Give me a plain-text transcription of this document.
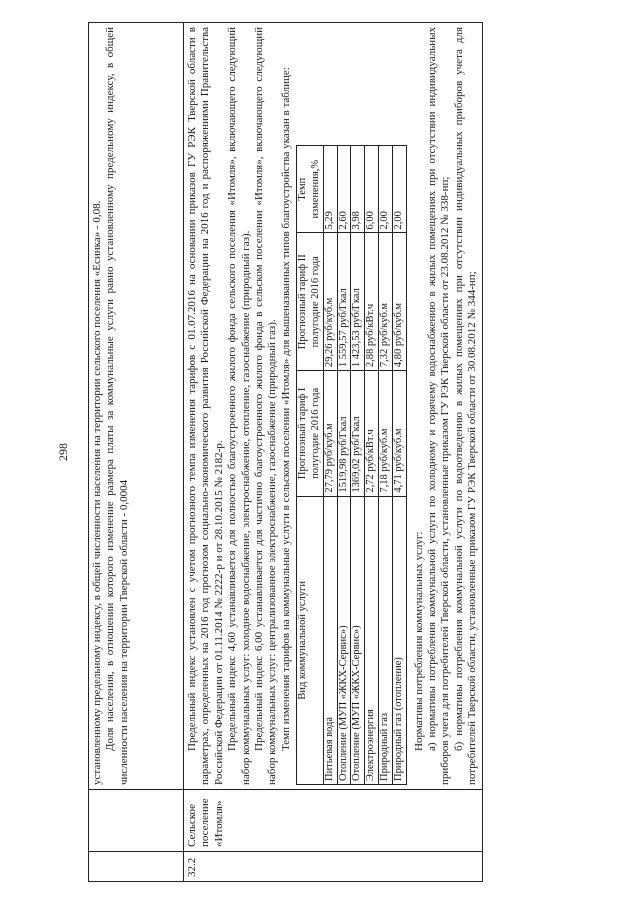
298
		установленному предельному индексу, в общей численности населения на территории сельского поселения «Есинка» - 0,08. Доля населения, в отношении которого изменение размера платы за коммунальные услуги равно установленному предельному индексу, в общей численности населения на территории Тверской области - 0,0004

32.2	Сельское поселение «Итомля»	

Предельный индекс установлен с учетом прогнозного темпа изменения тарифов с 01.07.2016 на основании приказов ГУ РЭК Тверской области в параметрах, определенных на 2016 год прогнозом социально-экономического развития Российской Федерации на 2016 год и распоряжениями Правительства Российской Федерации от 01.11.2014 № 2222-р и от 28.10.2015 № 2182-р. Предельный индекс 4,60 устанавливается для полностью благоустроенного жилого фонда сельского поселения «Итомля», включающего следующий набор коммунальных услуг: холодное водоснабжение, электроснабжение, отопление, газоснабжение (природный газ). Предельный индекс 6,00 устанавливается для частично благоустроенного жилого фонда в сельском поселении «Итомля», включающего следующий набор коммунальных услуг: централизованное электроснабжение, газоснабжение (природный газ). Темп изменения тарифов на коммунальные услуги в сельском поселении «Итомля» для вышеназванных типов благоустройства указан в таблице: Вид коммунальной услуги	Прогнозный тариф I полугодие 2016 года	Прогнозный тариф II полугодие 2016 года	Темп изменения,%
Питьевая вода	27,79 руб/куб.м	29,26 руб/куб.м	5,29
Отопление (МУП «ЖКХ-Сервис»)	1519,98 руб/Гкал	1 559,57 руб/Гкал	2,60
Отопление (МУП «ЖКХ-Сервис»)	1369,02 руб/Гкал	1 423,53 руб/Гкал	3,98
Электроэнергия	2,72 руб/кВт.ч	2,88 руб/кВт.ч	6,00
Природный газ	7,18 руб/куб.м	7,32 руб/куб.м	2,00
Природный газ (отопление)	4,71 руб/куб.м	4,80 руб/куб.м	2,00

Нормативы потребления коммунальных услуг: а) нормативы потребления коммунальной услуги по холодному и горячему водоснабжению в жилых помещениях при отсутствии индивидуальных приборов учета для потребителей Тверской области, установленные приказом ГУ РЭК Тверской области от 23.08.2012 № 338-нп; б) нормативы потребления коммунальной услуги по водоотведению в жилых помещениях при отсутствии индивидуальных приборов учета для потребителей Тверской области, установленные приказом ГУ РЭК Тверской области от 30.08.2012 № 344-нп;
